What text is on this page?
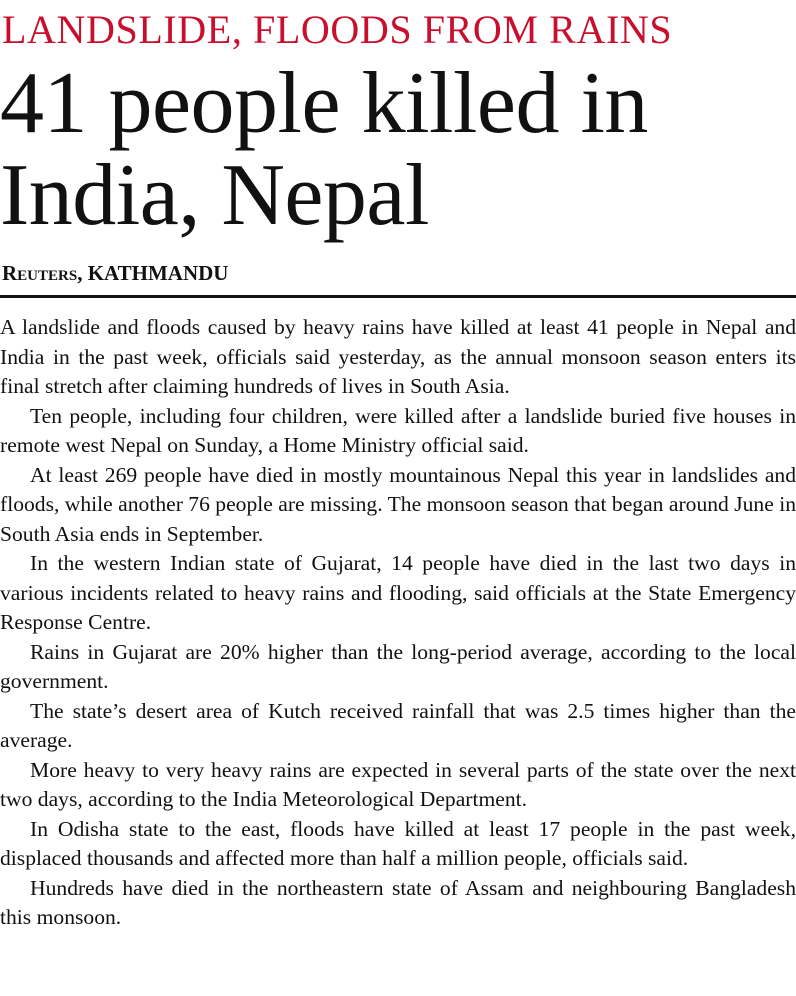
LANDSLIDE, FLOODS FROM RAINS
41 people killed in
India, Nepal
Reuters, KATHMANDU

A landslide and floods caused by heavy rains have killed at least 41 people in Nepal and India in the past week, officials said yesterday, as the annual monsoon season enters its final stretch after claiming hundreds of lives in South Asia.

Ten people, including four children, were killed after a landslide buried five houses in remote west Nepal on Sunday, a Home Ministry official said.

At least 269 people have died in mostly mountainous Nepal this year in landslides and floods, while another 76 people are missing. The monsoon season that began around June in South Asia ends in September.

In the western Indian state of Gujarat, 14 people have died in the last two days in various incidents related to heavy rains and flooding, said officials at the State Emergency Response Centre.

Rains in Gujarat are 20% higher than the long-period average, according to the local government.

The state’s desert area of Kutch received rainfall that was 2.5 times higher than the average.

More heavy to very heavy rains are expected in several parts of the state over the next two days, according to the India Meteorological Department.

In Odisha state to the east, floods have killed at least 17 people in the past week, displaced thousands and affected more than half a million people, officials said.

Hundreds have died in the northeastern state of Assam and neighbouring Bangladesh this monsoon.
